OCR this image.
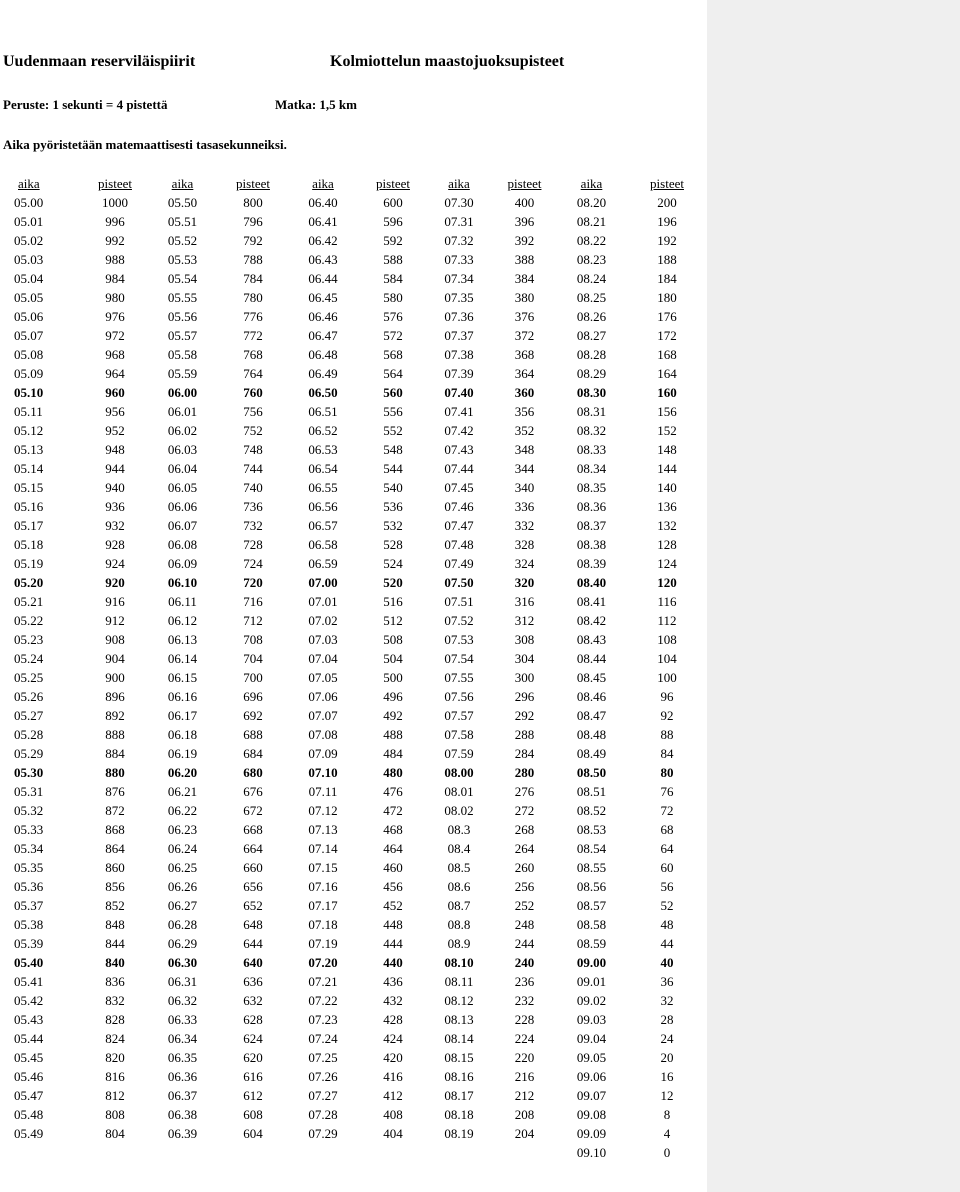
Uudenmaan reserviläispiirit	Kolmiottelun maastojuoksupisteet
Peruste: 1 sekunti = 4 pistettä	Matka: 1,5 km
Aika pyöristetään matemaattisesti tasasekunneiksi.
aika	pisteet	aika	pisteet	aika	pisteet	aika	pisteet	aika	pisteet
05.00	1000	05.50	800	06.40	600	07.30	400	08.20	200
05.01	996	05.51	796	06.41	596	07.31	396	08.21	196
05.02	992	05.52	792	06.42	592	07.32	392	08.22	192
05.03	988	05.53	788	06.43	588	07.33	388	08.23	188
05.04	984	05.54	784	06.44	584	07.34	384	08.24	184
05.05	980	05.55	780	06.45	580	07.35	380	08.25	180
05.06	976	05.56	776	06.46	576	07.36	376	08.26	176
05.07	972	05.57	772	06.47	572	07.37	372	08.27	172
05.08	968	05.58	768	06.48	568	07.38	368	08.28	168
05.09	964	05.59	764	06.49	564	07.39	364	08.29	164
05.10	960	06.00	760	06.50	560	07.40	360	08.30	160
05.11	956	06.01	756	06.51	556	07.41	356	08.31	156
05.12	952	06.02	752	06.52	552	07.42	352	08.32	152
05.13	948	06.03	748	06.53	548	07.43	348	08.33	148
05.14	944	06.04	744	06.54	544	07.44	344	08.34	144
05.15	940	06.05	740	06.55	540	07.45	340	08.35	140
05.16	936	06.06	736	06.56	536	07.46	336	08.36	136
05.17	932	06.07	732	06.57	532	07.47	332	08.37	132
05.18	928	06.08	728	06.58	528	07.48	328	08.38	128
05.19	924	06.09	724	06.59	524	07.49	324	08.39	124
05.20	920	06.10	720	07.00	520	07.50	320	08.40	120
05.21	916	06.11	716	07.01	516	07.51	316	08.41	116
05.22	912	06.12	712	07.02	512	07.52	312	08.42	112
05.23	908	06.13	708	07.03	508	07.53	308	08.43	108
05.24	904	06.14	704	07.04	504	07.54	304	08.44	104
05.25	900	06.15	700	07.05	500	07.55	300	08.45	100
05.26	896	06.16	696	07.06	496	07.56	296	08.46	96
05.27	892	06.17	692	07.07	492	07.57	292	08.47	92
05.28	888	06.18	688	07.08	488	07.58	288	08.48	88
05.29	884	06.19	684	07.09	484	07.59	284	08.49	84
05.30	880	06.20	680	07.10	480	08.00	280	08.50	80
05.31	876	06.21	676	07.11	476	08.01	276	08.51	76
05.32	872	06.22	672	07.12	472	08.02	272	08.52	72
05.33	868	06.23	668	07.13	468	08.3	268	08.53	68
05.34	864	06.24	664	07.14	464	08.4	264	08.54	64
05.35	860	06.25	660	07.15	460	08.5	260	08.55	60
05.36	856	06.26	656	07.16	456	08.6	256	08.56	56
05.37	852	06.27	652	07.17	452	08.7	252	08.57	52
05.38	848	06.28	648	07.18	448	08.8	248	08.58	48
05.39	844	06.29	644	07.19	444	08.9	244	08.59	44
05.40	840	06.30	640	07.20	440	08.10	240	09.00	40
05.41	836	06.31	636	07.21	436	08.11	236	09.01	36
05.42	832	06.32	632	07.22	432	08.12	232	09.02	32
05.43	828	06.33	628	07.23	428	08.13	228	09.03	28
05.44	824	06.34	624	07.24	424	08.14	224	09.04	24
05.45	820	06.35	620	07.25	420	08.15	220	09.05	20
05.46	816	06.36	616	07.26	416	08.16	216	09.06	16
05.47	812	06.37	612	07.27	412	08.17	212	09.07	12
05.48	808	06.38	608	07.28	408	08.18	208	09.08	8
05.49	804	06.39	604	07.29	404	08.19	204	09.09	4
								09.10	0
